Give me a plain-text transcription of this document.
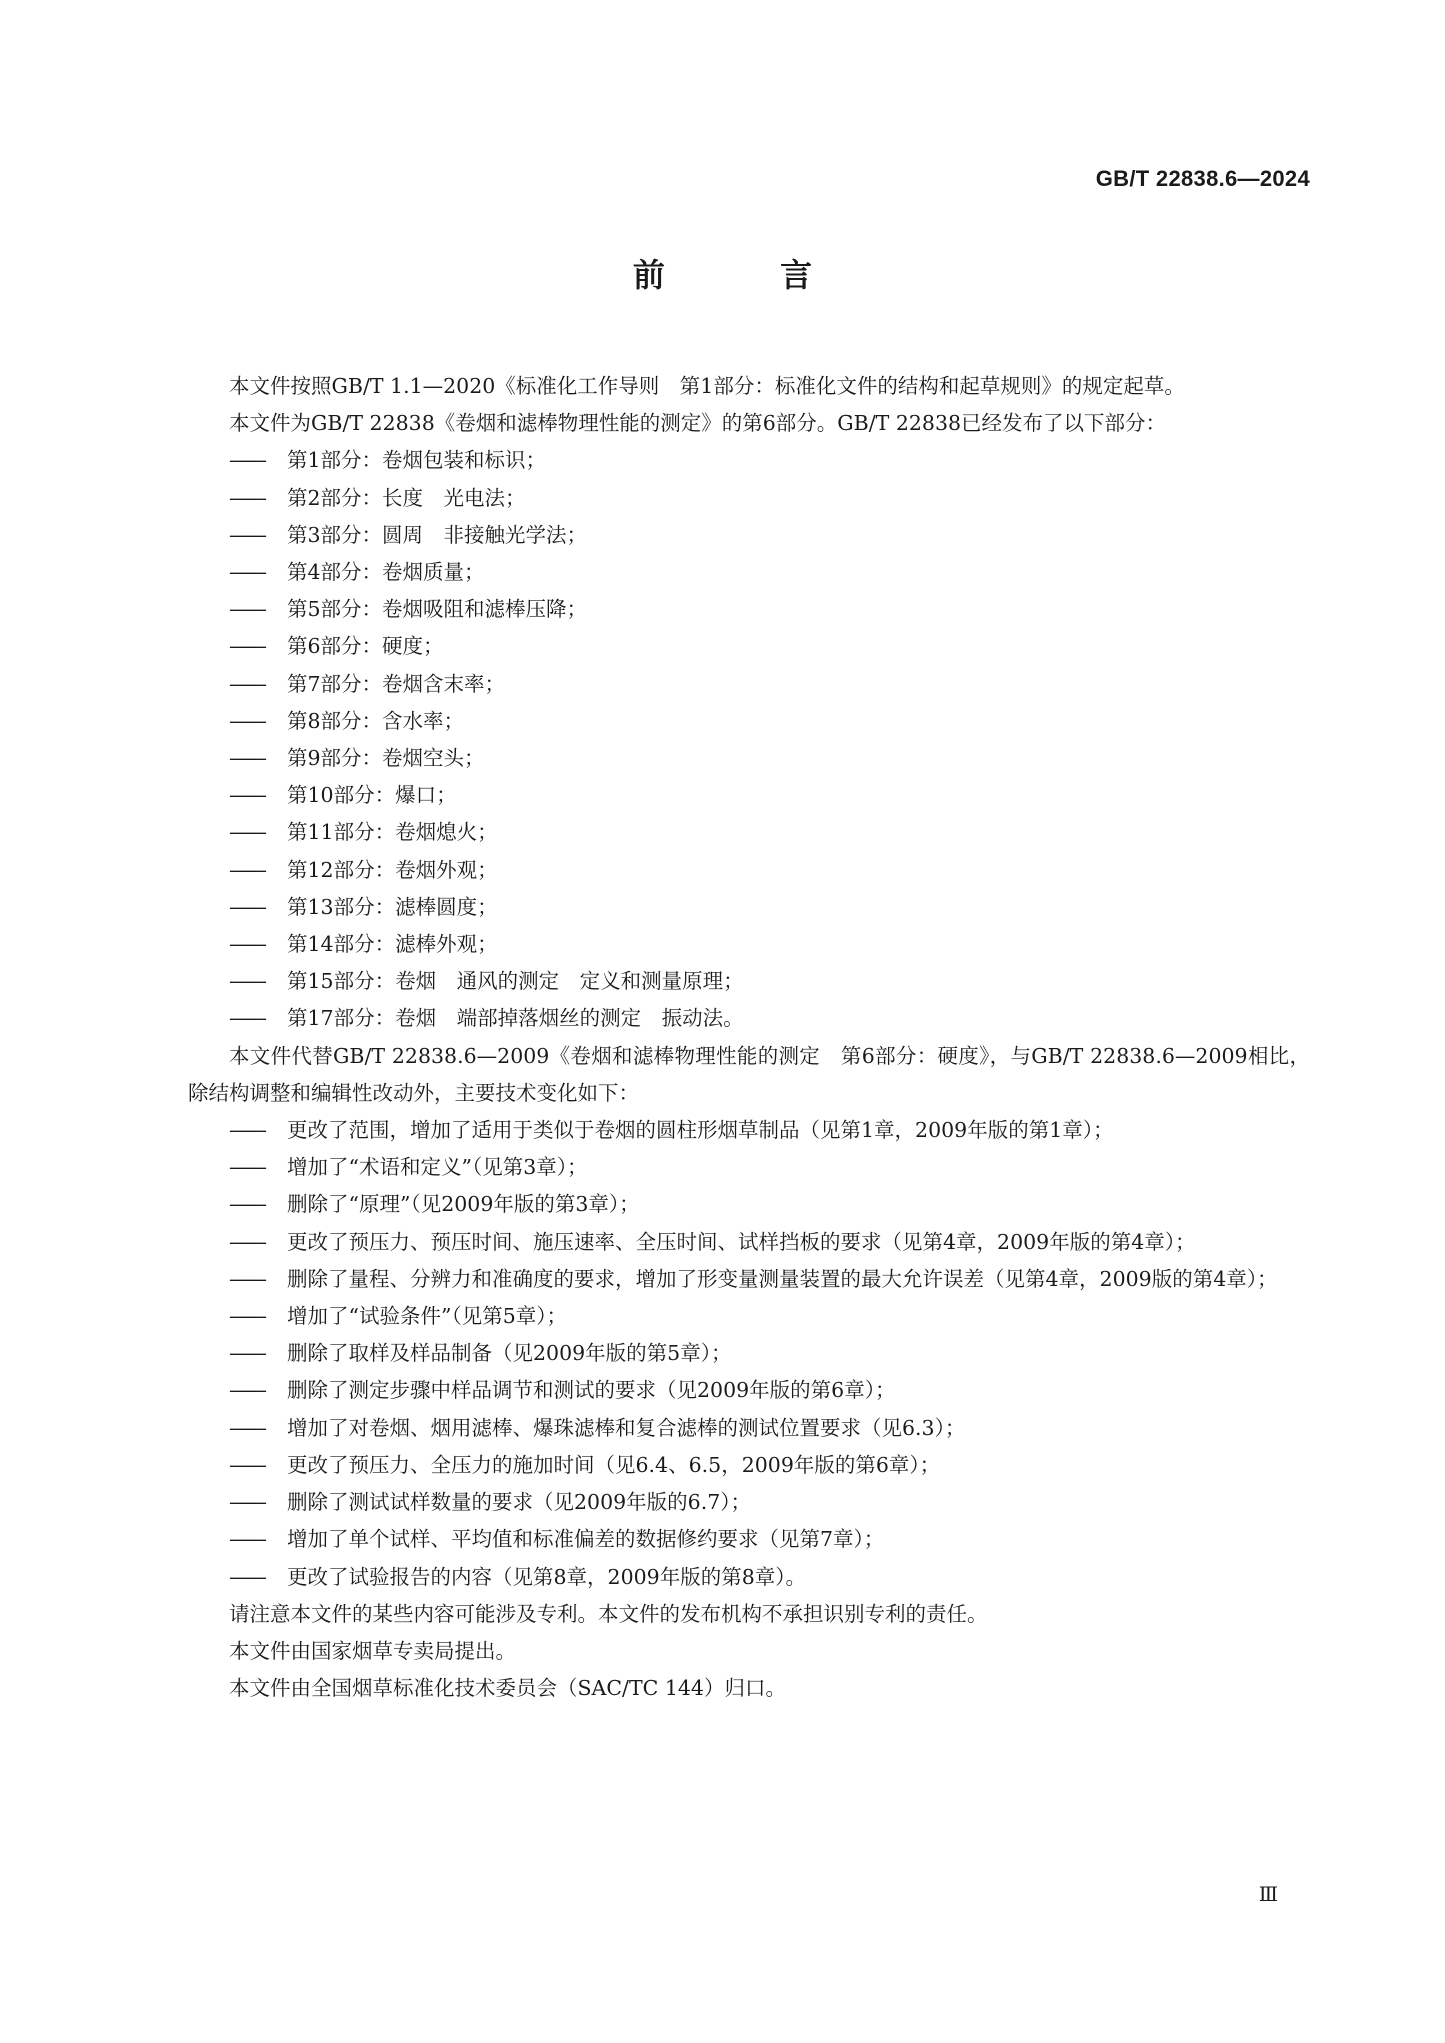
GB/T 22838.6—2024
前 言

本文件按照GB/T 1.1—2020《标准化工作导则　第1部分：标准化文件的结构和起草规则》的规定起草。

本文件为GB/T 22838《卷烟和滤棒物理性能的测定》的第6部分。GB/T 22838已经发布了以下部分：

——	第1部分：卷烟包装和标识；
——	第2部分：长度　光电法；
——	第3部分：圆周　非接触光学法；
——	第4部分：卷烟质量；
——	第5部分：卷烟吸阻和滤棒压降；
——	第6部分：硬度；
——	第7部分：卷烟含末率；
——	第8部分：含水率；
——	第9部分：卷烟空头；
——	第10部分：爆口；
——	第11部分：卷烟熄火；
——	第12部分：卷烟外观；
——	第13部分：滤棒圆度；
——	第14部分：滤棒外观；
——	第15部分：卷烟　通风的测定　定义和测量原理；
——	第17部分：卷烟　端部掉落烟丝的测定　振动法。

本文件代替GB/T 22838.6—2009《卷烟和滤棒物理性能的测定　第6部分：硬度》，与GB/T 22838.6—2009相比，除结构调整和编辑性改动外，主要技术变化如下：

——	更改了范围，增加了适用于类似于卷烟的圆柱形烟草制品（见第1章，2009年版的第1章）；
——	增加了“术语和定义”（见第3章）；
——	删除了“原理”（见2009年版的第3章）；
——	更改了预压力、预压时间、施压速率、全压时间、试样挡板的要求（见第4章，2009年版的第4章）；
——	删除了量程、分辨力和准确度的要求，增加了形变量测量装置的最大允许误差（见第4章，2009版的第4章）；
——	增加了“试验条件”（见第5章）；
——	删除了取样及样品制备（见2009年版的第5章）；
——	删除了测定步骤中样品调节和测试的要求（见2009年版的第6章）；
——	增加了对卷烟、烟用滤棒、爆珠滤棒和复合滤棒的测试位置要求（见6.3）；
——	更改了预压力、全压力的施加时间（见6.4、6.5，2009年版的第6章）；
——	删除了测试试样数量的要求（见2009年版的6.7）；
——	增加了单个试样、平均值和标准偏差的数据修约要求（见第7章）；
——	更改了试验报告的内容（见第8章，2009年版的第8章）。

请注意本文件的某些内容可能涉及专利。本文件的发布机构不承担识别专利的责任。

本文件由国家烟草专卖局提出。

本文件由全国烟草标准化技术委员会（SAC/TC 144）归口。

Ⅲ
